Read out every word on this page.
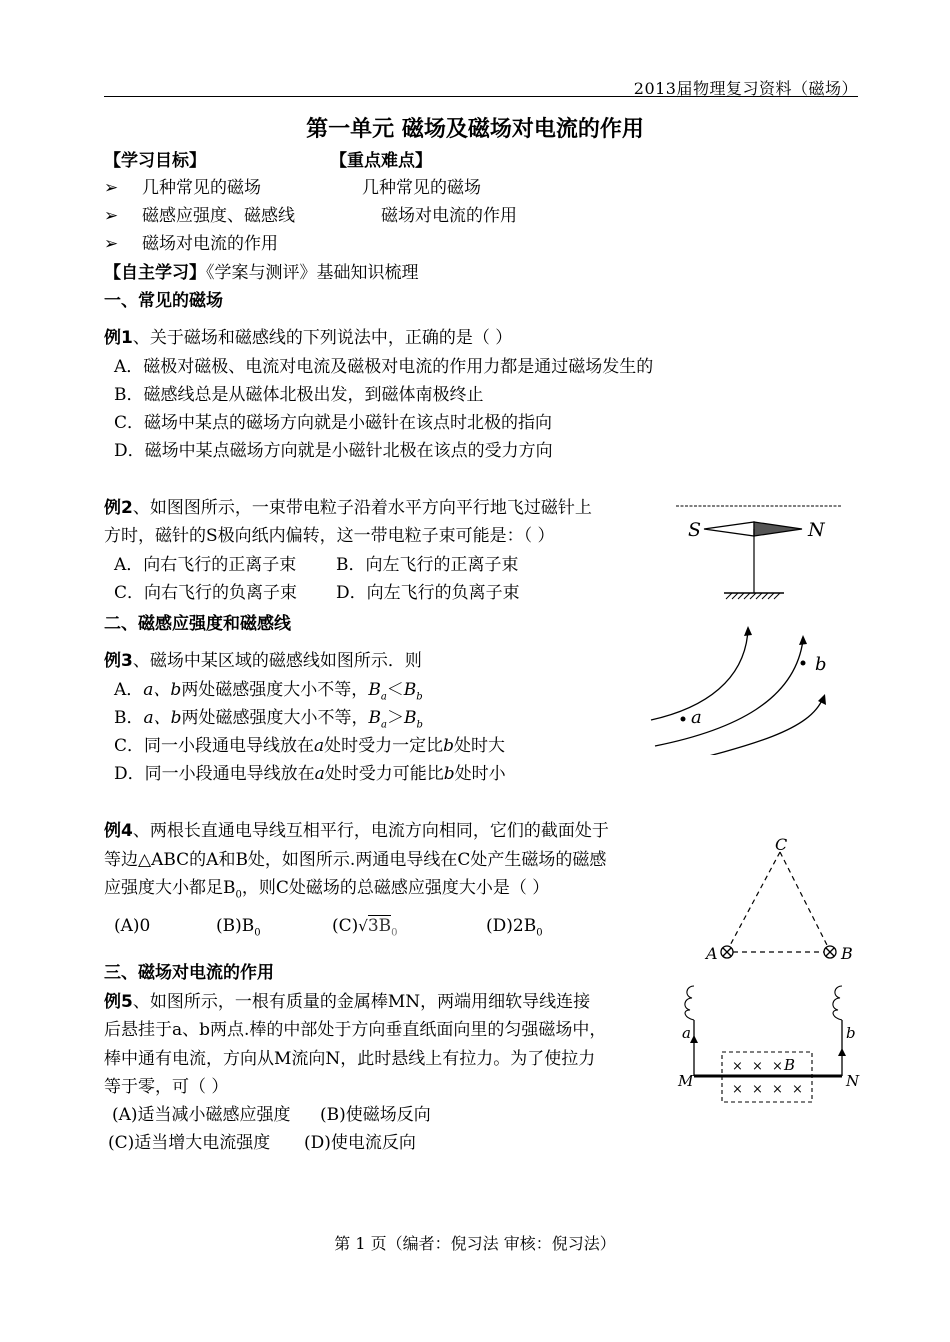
2013届物理复习资料（磁场）
第一单元 磁场及磁场对电流的作用
【学习目标】	【重点难点】
➢ 几种常见的磁场	几种常见的磁场
➢ 磁感应强度、磁感线	磁场对电流的作用
➢ 磁场对电流的作用
【自主学习】《学案与测评》基础知识梳理
一、常见的磁场
例1、关于磁场和磁感线的下列说法中，正确的是（ ）
A．磁极对磁极、电流对电流及磁极对电流的作用力都是通过磁场发生的
B．磁感线总是从磁体北极出发，到磁体南极终止
C．磁场中某点的磁场方向就是小磁针在该点时北极的指向
D．磁场中某点磁场方向就是小磁针北极在该点的受力方向
例2、如图图所示，一束带电粒子沿着水平方向平行地飞过磁针上
方时，磁针的S极向纸内偏转，这一带电粒子束可能是：（ ）
A．向右飞行的正离子束 B．向左飞行的正离子束
C．向右飞行的负离子束 D．向左飞行的负离子束
S	N
二、磁感应强度和磁感线
例3、磁场中某区域的磁感线如图所示．则
A．a、b两处磁感强度大小不等，$B_a<B_b$
B．a、b两处磁感强度大小不等，$B_a>B_b$
C．同一小段通电导线放在a处时受力一定比b处时大
D．同一小段通电导线放在a处时受力可能比b处时小
a
b
例4、两根长直通电导线互相平行，电流方向相同，它们的截面处于
等边△ABC的A和B处，如图所示.两通电导线在C处产生磁场的磁感
应强度大小都足$B_0$，则C处磁场的总磁感应强度大小是（ ）
(A)0	$(B)B_0$	$(C)√3B_0$	$(D)2B_0$
C
A	B
三、磁场对电流的作用
例5、如图所示，一根有质量的金属棒MN，两端用细软导线连接
后悬挂于a、b两点.棒的中部处于方向垂直纸面向里的匀强磁场中，
棒中通有电流，方向从M流向N，此时悬线上有拉力。为了使拉力
等于零，可（ ）
(A)适当减小磁感应强度 (B)使磁场反向
(C)适当增大电流强度 (D)使电流反向
× × ×
× × × ×
B
M	N
a	b
第 1 页（编者：倪习法 审核：倪习法）
